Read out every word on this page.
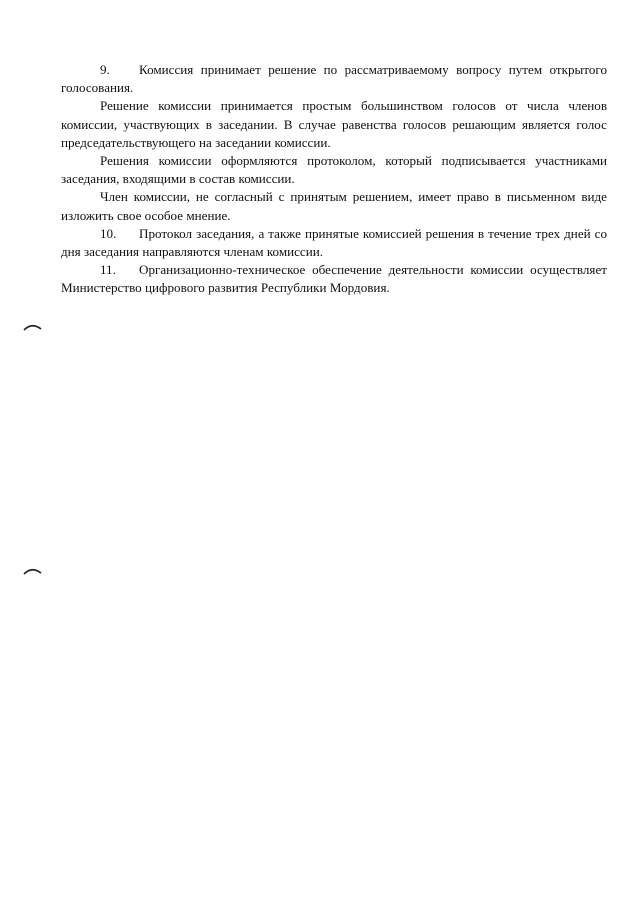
9. Комиссия принимает решение по рассматриваемому вопросу путем открытого голосования.

Решение комиссии принимается простым большинством голосов от числа членов комиссии, участвующих в заседании. В случае равенства голосов решающим является голос председательствующего на заседании комиссии.

Решения комиссии оформляются протоколом, который подписывается участниками заседания, входящими в состав комиссии.

Член комиссии, не согласный с принятым решением, имеет право в письменном виде изложить свое особое мнение.

10. Протокол заседания, а также принятые комиссией решения в течение трех дней со дня заседания направляются членам комиссии.

11. Организационно-техническое обеспечение деятельности комиссии осуществляет Министерство цифрового развития Республики Мордовия.
